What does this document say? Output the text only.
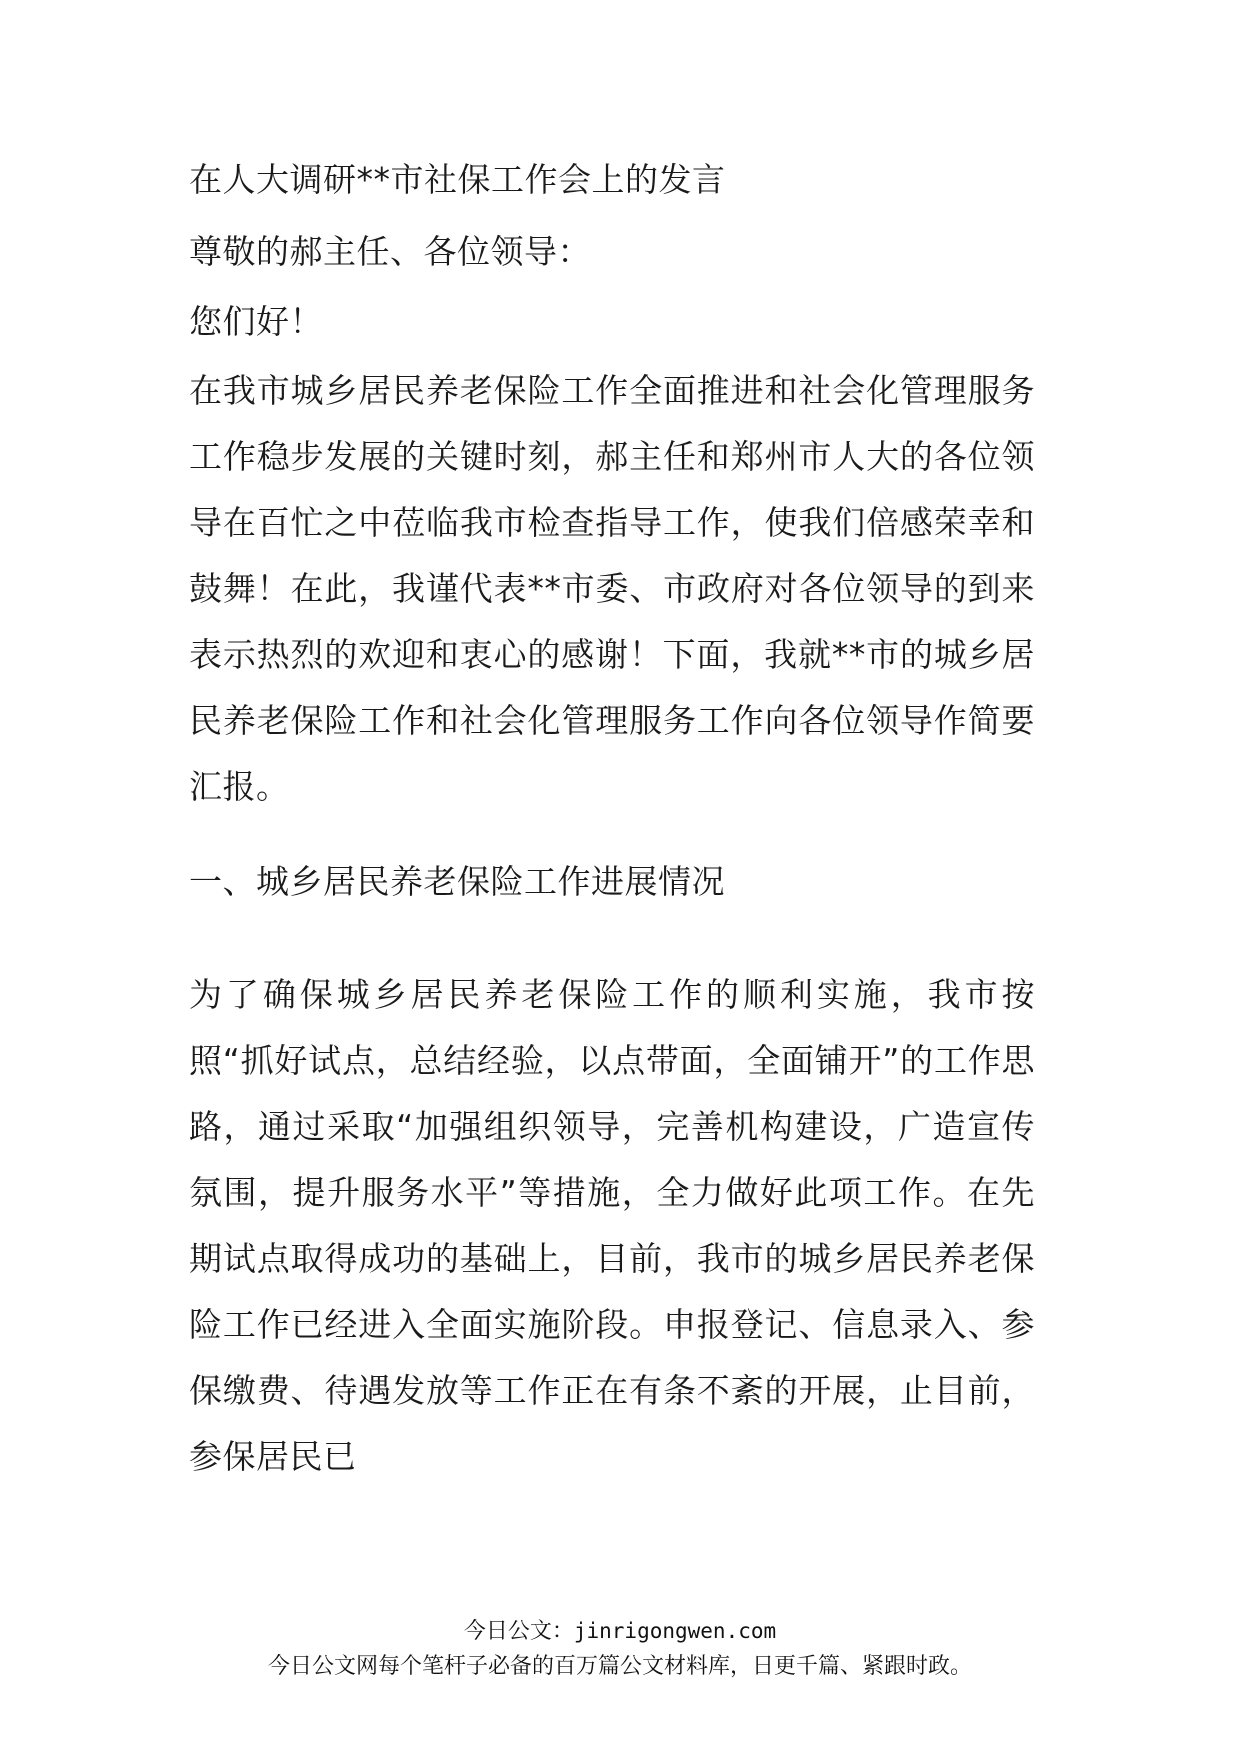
在人大调研**市社保工作会上的发言
尊敬的郝主任、各位领导：
您们好！
在我市城乡居民养老保险工作全面推进和社会化管理服务工作稳步发展的关键时刻，郝主任和郑州市人大的各位领导在百忙之中莅临我市检查指导工作，使我们倍感荣幸和鼓舞！在此，我谨代表**市委、市政府对各位领导的到来表示热烈的欢迎和衷心的感谢！下面，我就**市的城乡居民养老保险工作和社会化管理服务工作向各位领导作简要汇报。
一、城乡居民养老保险工作进展情况
为了确保城乡居民养老保险工作的顺利实施，我市按照“抓好试点，总结经验，以点带面，全面铺开”的工作思路，通过采取“加强组织领导，完善机构建设，广造宣传氛围，提升服务水平”等措施，全力做好此项工作。在先期试点取得成功的基础上，目前，我市的城乡居民养老保险工作已经进入全面实施阶段。申报登记、信息录入、参保缴费、待遇发放等工作正在有条不紊的开展，止目前，参保居民已
今日公文：jinrigongwen.com
今日公文网每个笔杆子必备的百万篇公文材料库，日更千篇、紧跟时政。
